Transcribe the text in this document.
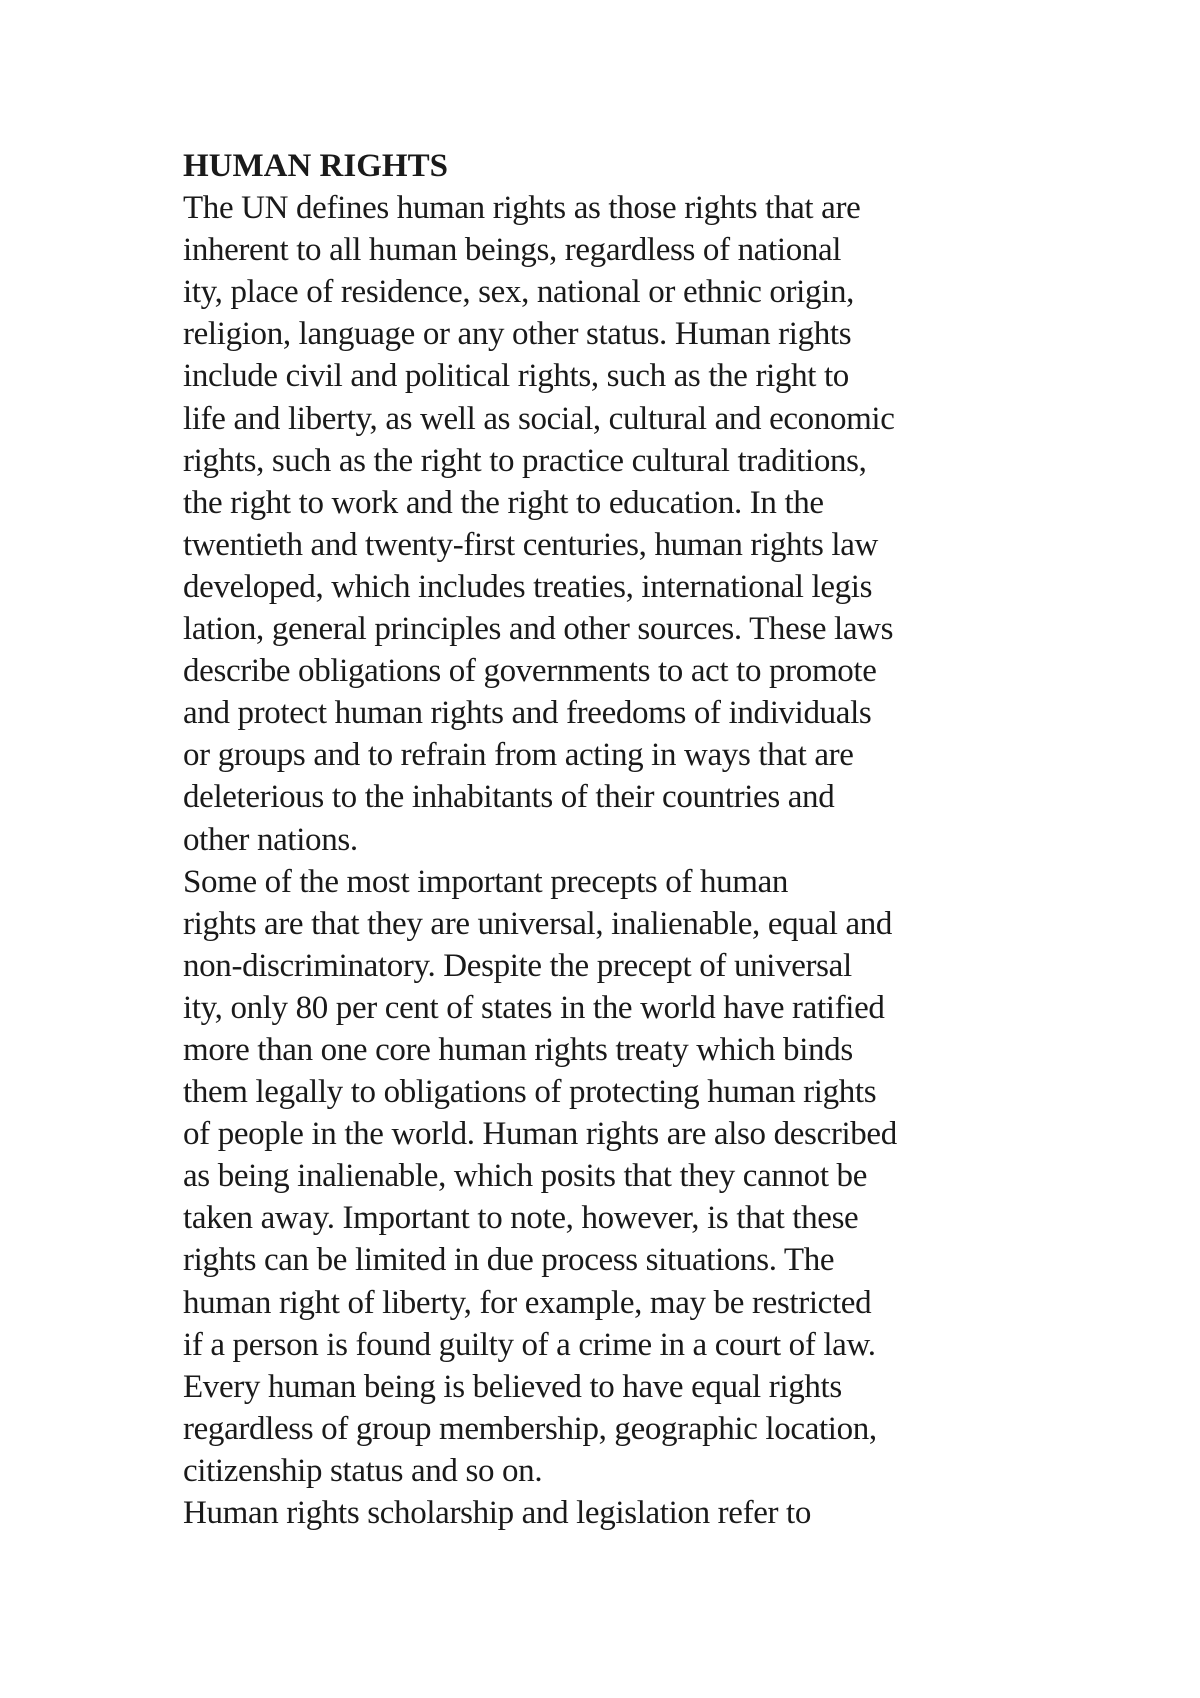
HUMAN RIGHTS
The UN defines human rights as those rights that are
inherent to all human beings, regardless of national
ity, place of residence, sex, national or ethnic origin,
religion, language or any other status. Human rights
include civil and political rights, such as the right to
life and liberty, as well as social, cultural and economic
rights, such as the right to practice cultural traditions,
the right to work and the right to education. In the
twentieth and twenty-first centuries, human rights law
developed, which includes treaties, international legis
lation, general principles and other sources. These laws
describe obligations of governments to act to promote
and protect human rights and freedoms of individuals
or groups and to refrain from acting in ways that are
deleterious to the inhabitants of their countries and
other nations.
Some of the most important precepts of human
rights are that they are universal, inalienable, equal and
non-discriminatory. Despite the precept of universal
ity, only 80 per cent of states in the world have ratified
more than one core human rights treaty which binds
them legally to obligations of protecting human rights
of people in the world. Human rights are also described
as being inalienable, which posits that they cannot be
taken away. Important to note, however, is that these
rights can be limited in due process situations. The
human right of liberty, for example, may be restricted
if a person is found guilty of a crime in a court of law.
Every human being is believed to have equal rights
regardless of group membership, geographic location,
citizenship status and so on.
Human rights scholarship and legislation refer to
